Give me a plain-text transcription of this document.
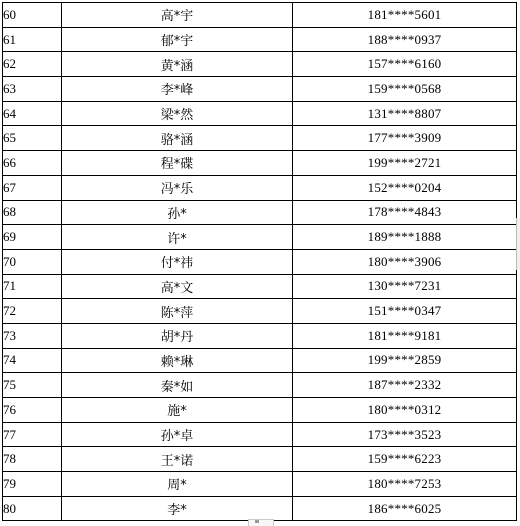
60	高*宇	181****5601
61	郁*宇	188****0937
62	黄*涵	157****6160
63	李*峰	159****0568
64	梁*然	131****8807
65	骆*涵	177****3909
66	程*碟	199****2721
67	冯*乐	152****0204
68	孙*	178****4843
69	许*	189****1888
70	付*祎	180****3906
71	高*文	130****7231
72	陈*萍	151****0347
73	胡*丹	181****9181
74	赖*琳	199****2859
75	秦*如	187****2332
76	施*	180****0312
77	孙*卓	173****3523
78	王*诺	159****6223
79	周*	180****7253
80	李*	186****6025
